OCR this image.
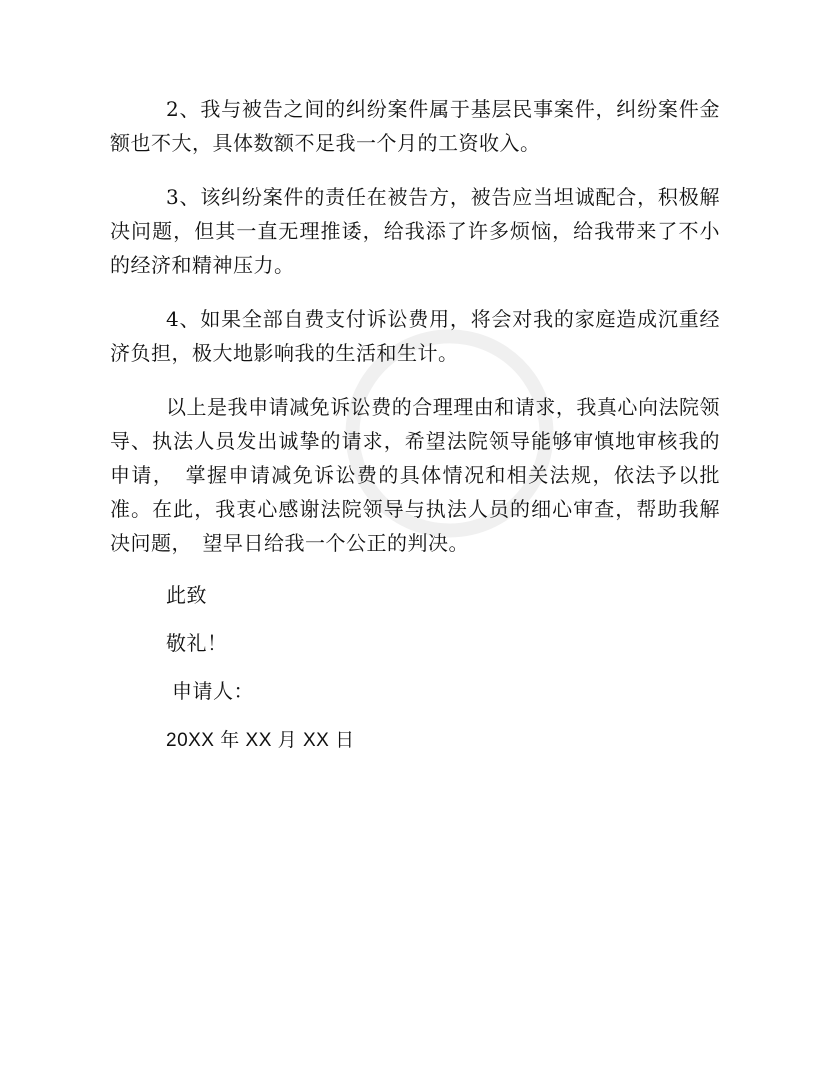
2、我与被告之间的纠纷案件属于基层民事案件，纠纷案件金额也不大，具体数额不足我一个月的工资收入。

3、该纠纷案件的责任在被告方，被告应当坦诚配合，积极解决问题，但其一直无理推诿，给我添了许多烦恼，给我带来了不小的经济和精神压力。

4、如果全部自费支付诉讼费用，将会对我的家庭造成沉重经济负担，极大地影响我的生活和生计。

以上是我申请减免诉讼费的合理理由和请求，我真心向法院领导、执法人员发出诚挚的请求，希望法院领导能够审慎地审核我的申请，　掌握申请减免诉讼费的具体情况和相关法规，依法予以批准。在此，我衷心感谢法院领导与执法人员的细心审查，帮助我解决问题，　望早日给我一个公正的判决。

此致
敬礼！
申请人：
20XX 年 XX 月 XX 日
